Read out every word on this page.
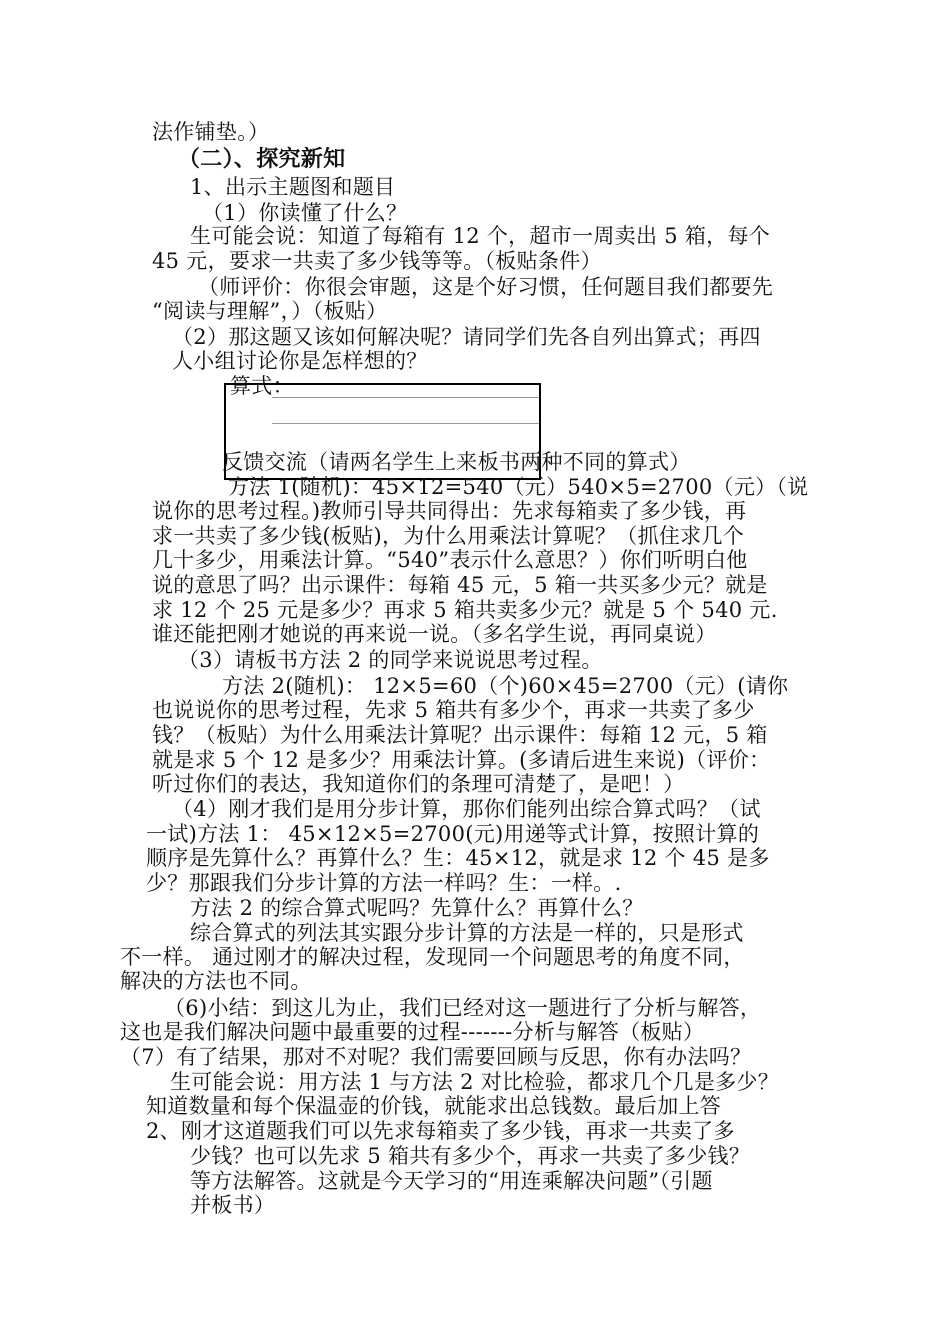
法作铺垫。）
（二）、探究新知
1、出示主题图和题目
（1）你读懂了什么？
生可能会说：知道了每箱有 12 个，超市一周卖出 5 箱，每个
45 元，要求一共卖了多少钱等等。（板贴条件）
（师评价：你很会审题，这是个好习惯，任何题目我们都要先
“阅读与理解”，）（板贴）
（2）那这题又该如何解决呢？请同学们先各自列出算式；再四
人小组讨论你是怎样想的？
算式：
反馈交流（请两名学生上来板书两种不同的算式）
方法 1(随机)：45×12=540（元）540×5=2700（元）（说
说你的思考过程。)教师引导共同得出：先求每箱卖了多少钱，再
求一共卖了多少钱(板贴)，为什么用乘法计算呢？（抓住求几个
几十多少，用乘法计算。“540”表示什么意思？）你们听明白他
说的意思了吗？出示课件：每箱 45 元，5 箱一共买多少元？就是
求 12 个 25 元是多少？再求 5 箱共卖多少元？就是 5 个 540 元.
谁还能把刚才她说的再来说一说。（多名学生说，再同桌说）
（3）请板书方法 2 的同学来说说思考过程。
方法 2(随机)： 12×5=60（个)60×45=2700（元）(请你
也说说你的思考过程，先求 5 箱共有多少个，再求一共卖了多少
钱？（板贴）为什么用乘法计算呢？出示课件：每箱 12 元，5 箱
就是求 5 个 12 是多少？用乘法计算。(多请后进生来说)（评价：
听过你们的表达，我知道你们的条理可清楚了，是吧！）
（4）刚才我们是用分步计算，那你们能列出综合算式吗？（试
一试)方法 1： 45×12×5=2700(元)用递等式计算，按照计算的
顺序是先算什么？再算什么？生：45×12，就是求 12 个 45 是多
少？那跟我们分步计算的方法一样吗？生：一样。.
方法 2 的综合算式呢吗？先算什么？再算什么？
综合算式的列法其实跟分步计算的方法是一样的，只是形式
不一样。 通过刚才的解决过程，发现同一个问题思考的角度不同，
解决的方法也不同。
（6)小结：到这儿为止，我们已经对这一题进行了分析与解答，
这也是我们解决问题中最重要的过程-------分析与解答（板贴）
（7）有了结果，那对不对呢？我们需要回顾与反思，你有办法吗？
生可能会说：用方法 1 与方法 2 对比检验，都求几个几是多少？
知道数量和每个保温壶的价钱，就能求出总钱数。最后加上答
2、刚才这道题我们可以先求每箱卖了多少钱，再求一共卖了多
少钱？也可以先求 5 箱共有多少个，再求一共卖了多少钱？
等方法解答。这就是今天学习的“用连乘解决问题”（引题
并板书）
